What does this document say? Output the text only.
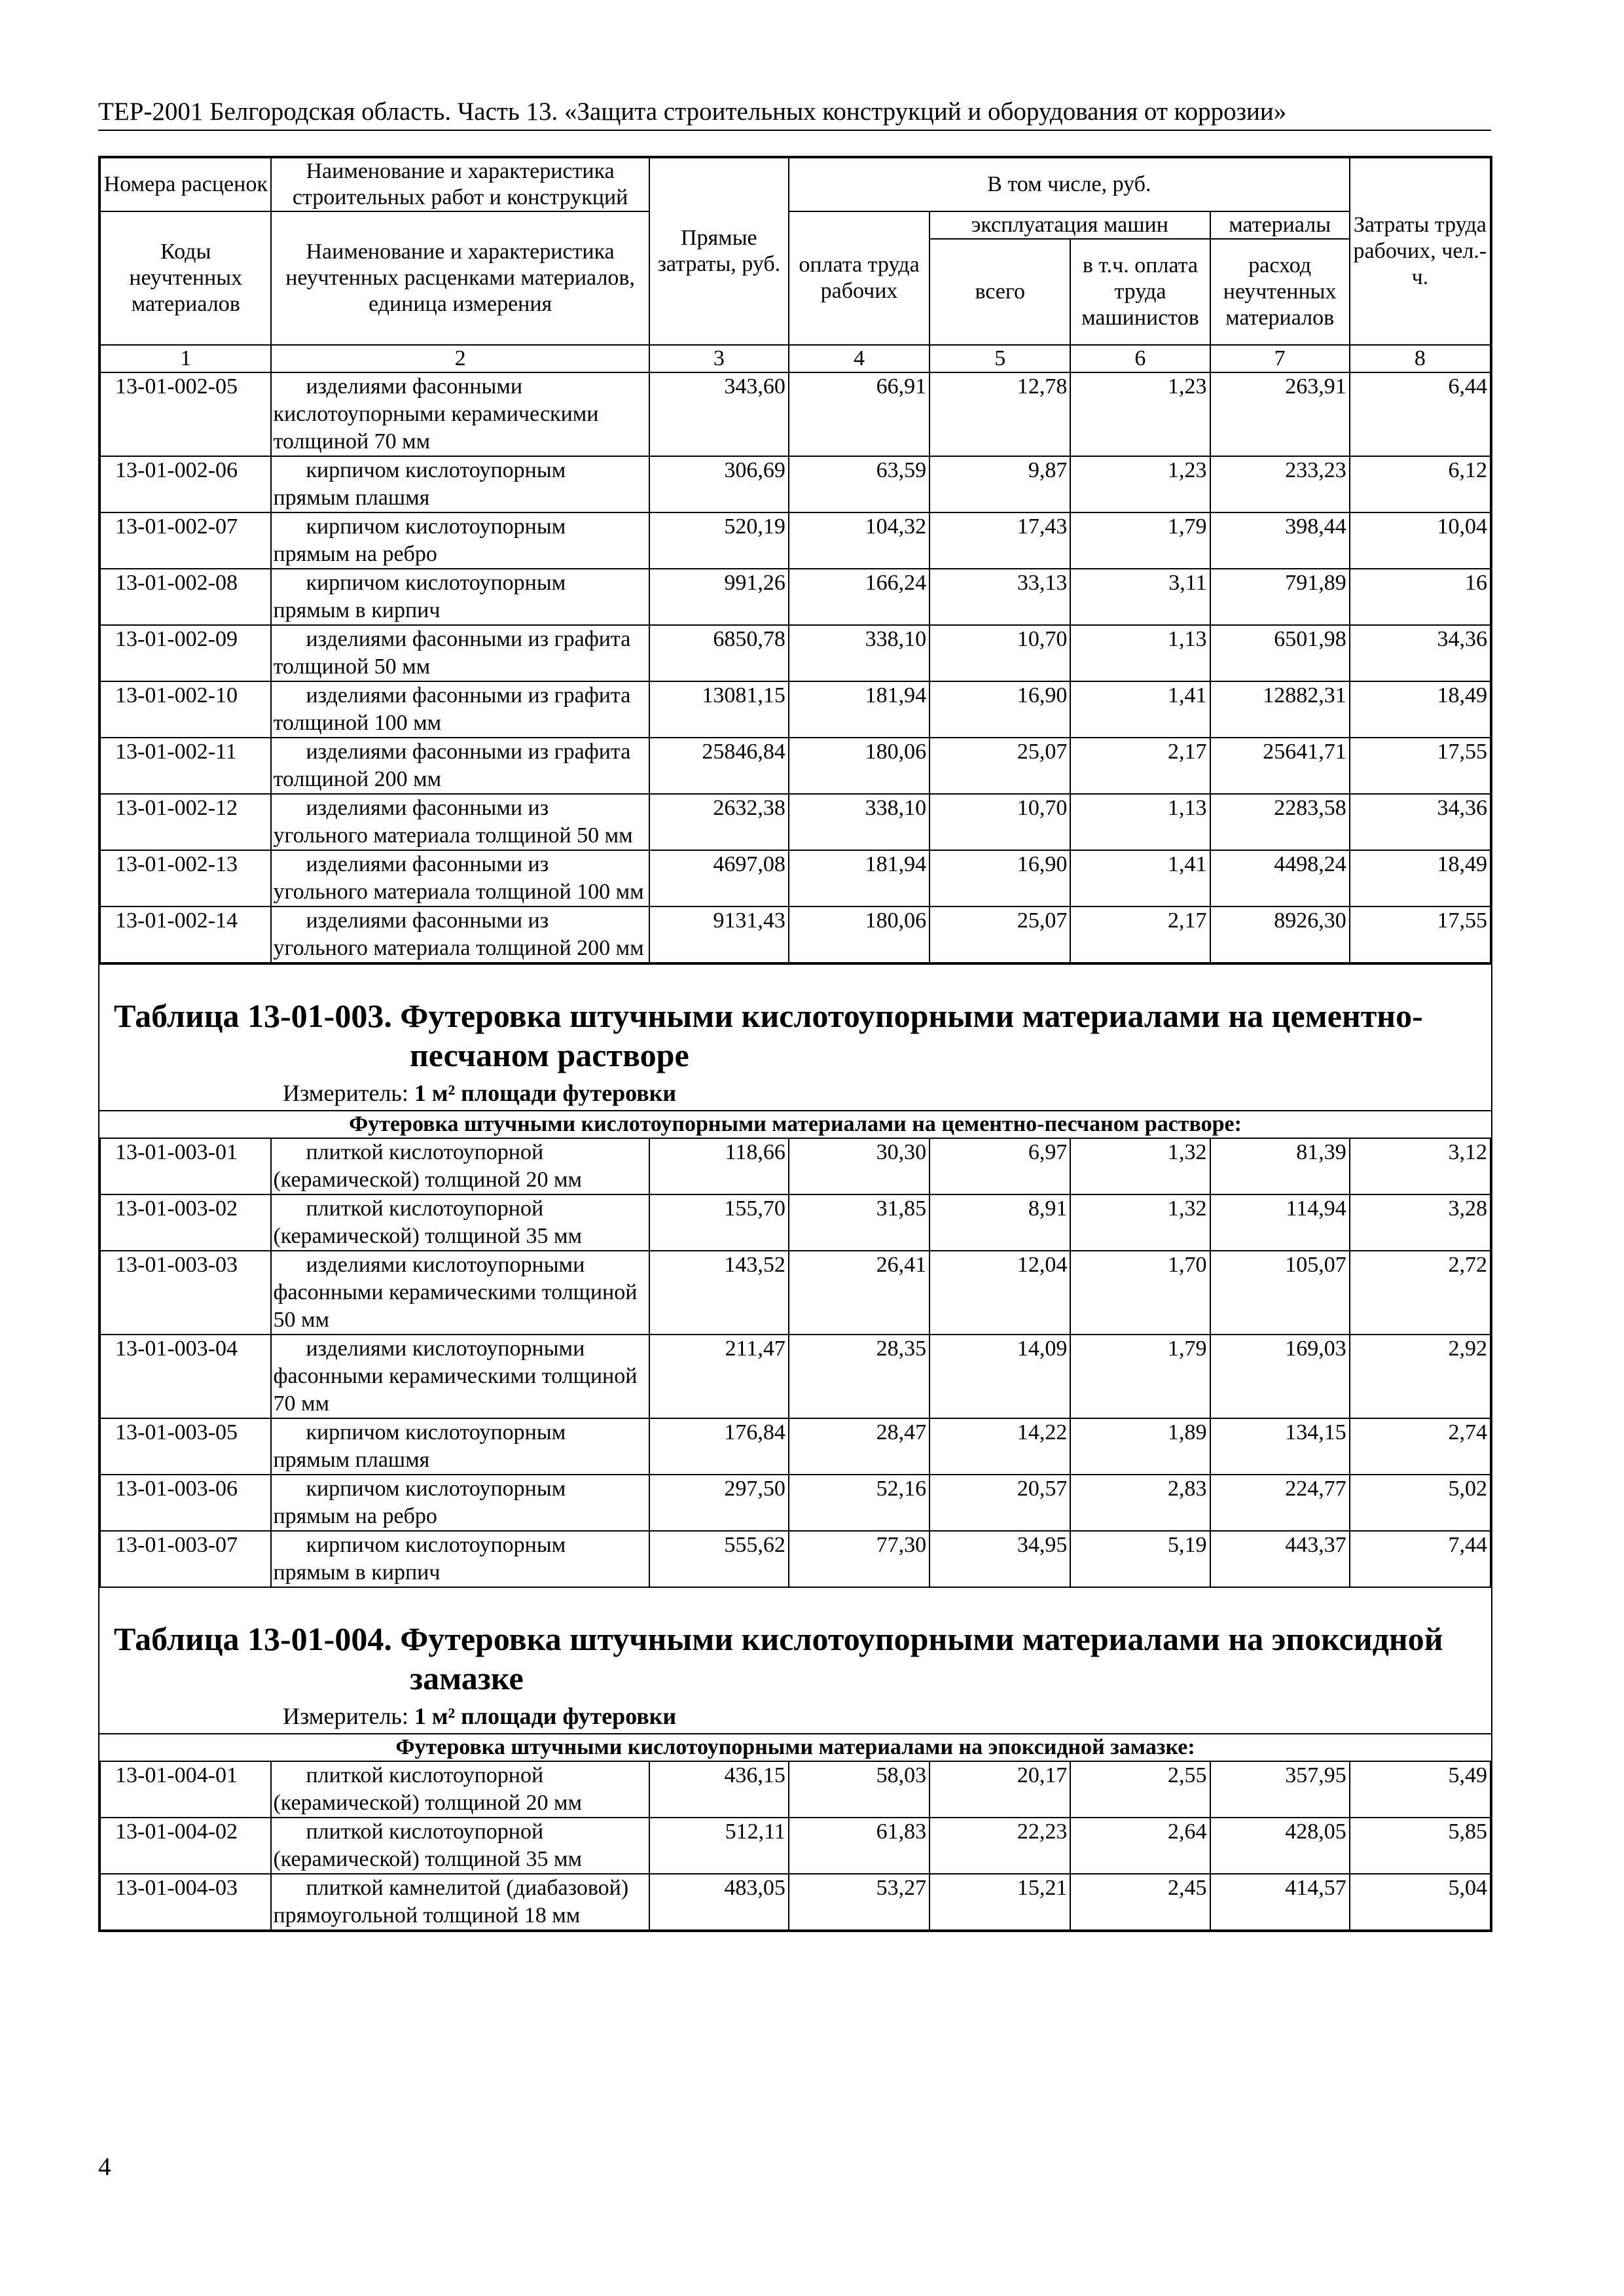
ТЕР-2001 Белгородская область. Часть 13. «Защита строительных конструкций и оборудования от коррозии»
Номера расценок	Наименование и характеристика строительных работ и конструкций	Прямые затраты, руб.	В том числе, руб.				Затраты труда рабочих, чел.-ч.
Коды неучтенных материалов	Наименование и характеристика неучтенных расценками материалов, единица измерения		оплата труда рабочих	эксплуатация машин		материалы	
				всего	в т.ч. оплата труда машинистов	расход неучтенных материалов	
1	2	3	4	5	6	7	8
13-01-002-05	изделиями фасонными кислотоупорными керамическими толщиной 70 мм	343,60	66,91	12,78	1,23	263,91	6,44
13-01-002-06	кирпичом кислотоупорным прямым плашмя	306,69	63,59	9,87	1,23	233,23	6,12
13-01-002-07	кирпичом кислотоупорным прямым на ребро	520,19	104,32	17,43	1,79	398,44	10,04
13-01-002-08	кирпичом кислотоупорным прямым в кирпич	991,26	166,24	33,13	3,11	791,89	16
13-01-002-09	изделиями фасонными из графита толщиной 50 мм	6850,78	338,10	10,70	1,13	6501,98	34,36
13-01-002-10	изделиями фасонными из графита толщиной 100 мм	13081,15	181,94	16,90	1,41	12882,31	18,49
13-01-002-11	изделиями фасонными из графита толщиной 200 мм	25846,84	180,06	25,07	2,17	25641,71	17,55
13-01-002-12	изделиями фасонными из угольного материала толщиной 50 мм	2632,38	338,10	10,70	1,13	2283,58	34,36
13-01-002-13	изделиями фасонными из угольного материала толщиной 100 мм	4697,08	181,94	16,90	1,41	4498,24	18,49
13-01-002-14	изделиями фасонными из угольного материала толщиной 200 мм	9131,43	180,06	25,07	2,17	8926,30	17,55
Таблица 13-01-003. Футеровка штучными кислотоупорными материалами на цементно-
песчаном растворе
Измеритель: 1 м² площади футеровки
Футеровка штучными кислотоупорными материалами на цементно-песчаном растворе:
13-01-003-01	плиткой кислотоупорной (керамической) толщиной 20 мм	118,66	30,30	6,97	1,32	81,39	3,12
13-01-003-02	плиткой кислотоупорной (керамической) толщиной 35 мм	155,70	31,85	8,91	1,32	114,94	3,28
13-01-003-03	изделиями кислотоупорными фасонными керамическими толщиной 50 мм	143,52	26,41	12,04	1,70	105,07	2,72
13-01-003-04	изделиями кислотоупорными фасонными керамическими толщиной 70 мм	211,47	28,35	14,09	1,79	169,03	2,92
13-01-003-05	кирпичом кислотоупорным прямым плашмя	176,84	28,47	14,22	1,89	134,15	2,74
13-01-003-06	кирпичом кислотоупорным прямым на ребро	297,50	52,16	20,57	2,83	224,77	5,02
13-01-003-07	кирпичом кислотоупорным прямым в кирпич	555,62	77,30	34,95	5,19	443,37	7,44
Таблица 13-01-004. Футеровка штучными кислотоупорными материалами на эпоксидной
замазке
Измеритель: 1 м² площади футеровки
Футеровка штучными кислотоупорными материалами на эпоксидной замазке:
13-01-004-01	плиткой кислотоупорной (керамической) толщиной 20 мм	436,15	58,03	20,17	2,55	357,95	5,49
13-01-004-02	плиткой кислотоупорной (керамической) толщиной 35 мм	512,11	61,83	22,23	2,64	428,05	5,85
13-01-004-03	плиткой камнелитой (диабазовой) прямоугольной толщиной 18 мм	483,05	53,27	15,21	2,45	414,57	5,04
4
